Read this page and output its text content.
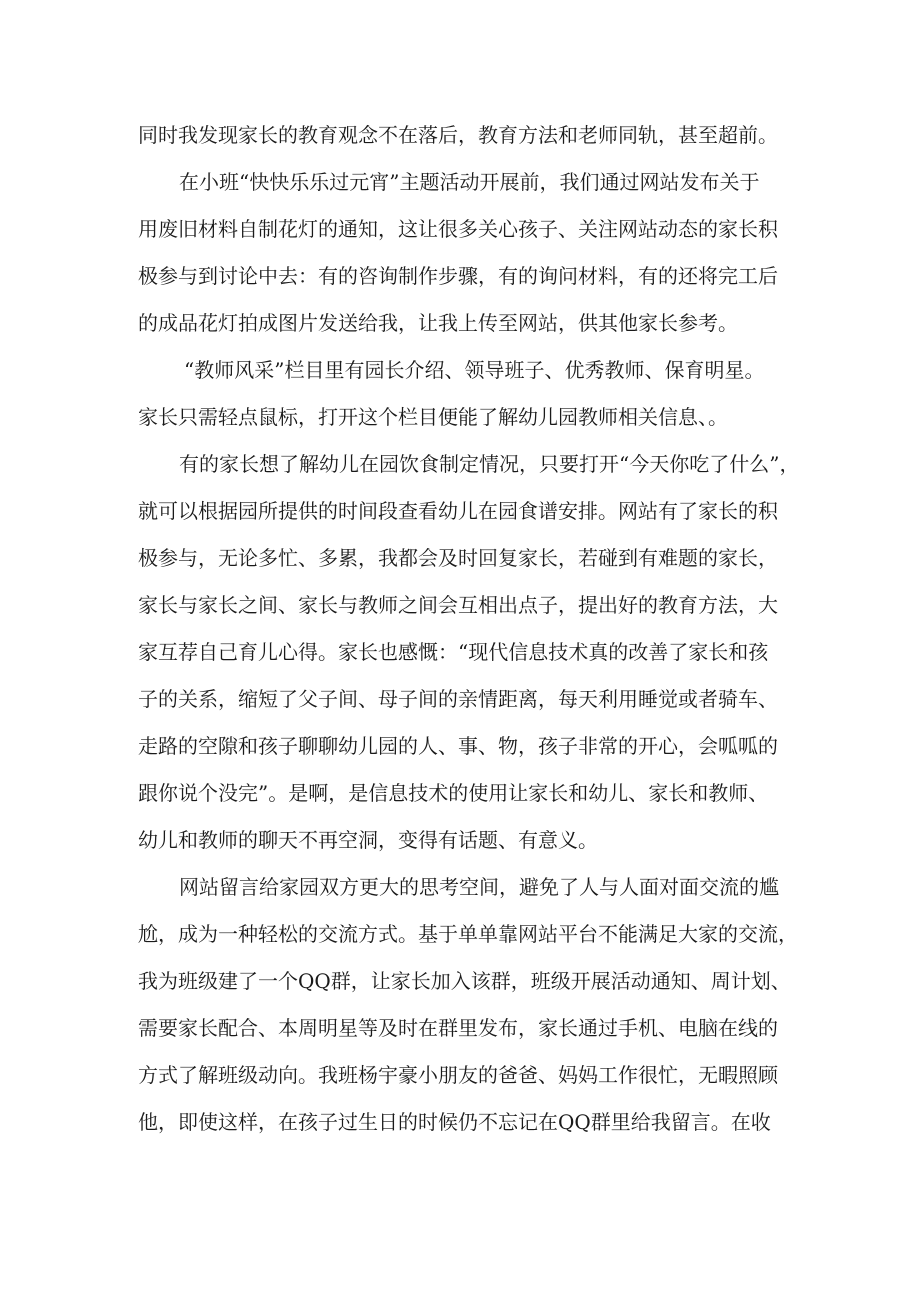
同时我发现家长的教育观念不在落后，教育方法和老师同轨，甚至超前。
在小班“快快乐乐过元宵”主题活动开展前，我们通过网站发布关于
用废旧材料自制花灯的通知，这让很多关心孩子、关注网站动态的家长积
极参与到讨论中去：有的咨询制作步骤，有的询问材料，有的还将完工后
的成品花灯拍成图片发送给我，让我上传至网站，供其他家长参考。
“教师风采”栏目里有园长介绍、领导班子、优秀教师、保育明星。
家长只需轻点鼠标，打开这个栏目便能了解幼儿园教师相关信息、。
有的家长想了解幼儿在园饮食制定情况，只要打开“今天你吃了什么”，
就可以根据园所提供的时间段查看幼儿在园食谱安排。网站有了家长的积
极参与，无论多忙、多累，我都会及时回复家长，若碰到有难题的家长，
家长与家长之间、家长与教师之间会互相出点子，提出好的教育方法，大
家互荐自己育儿心得。家长也感慨：“现代信息技术真的改善了家长和孩
子的关系，缩短了父子间、母子间的亲情距离，每天利用睡觉或者骑车、
走路的空隙和孩子聊聊幼儿园的人、事、物，孩子非常的开心，会呱呱的
跟你说个没完”。是啊，是信息技术的使用让家长和幼儿、家长和教师、
幼儿和教师的聊天不再空洞，变得有话题、有意义。
网站留言给家园双方更大的思考空间，避免了人与人面对面交流的尴
尬，成为一种轻松的交流方式。基于单单靠网站平台不能满足大家的交流，
我为班级建了一个QQ群，让家长加入该群，班级开展活动通知、周计划、
需要家长配合、本周明星等及时在群里发布，家长通过手机、电脑在线的
方式了解班级动向。我班杨宇豪小朋友的爸爸、妈妈工作很忙，无暇照顾
他，即使这样，在孩子过生日的时候仍不忘记在QQ群里给我留言。在收
